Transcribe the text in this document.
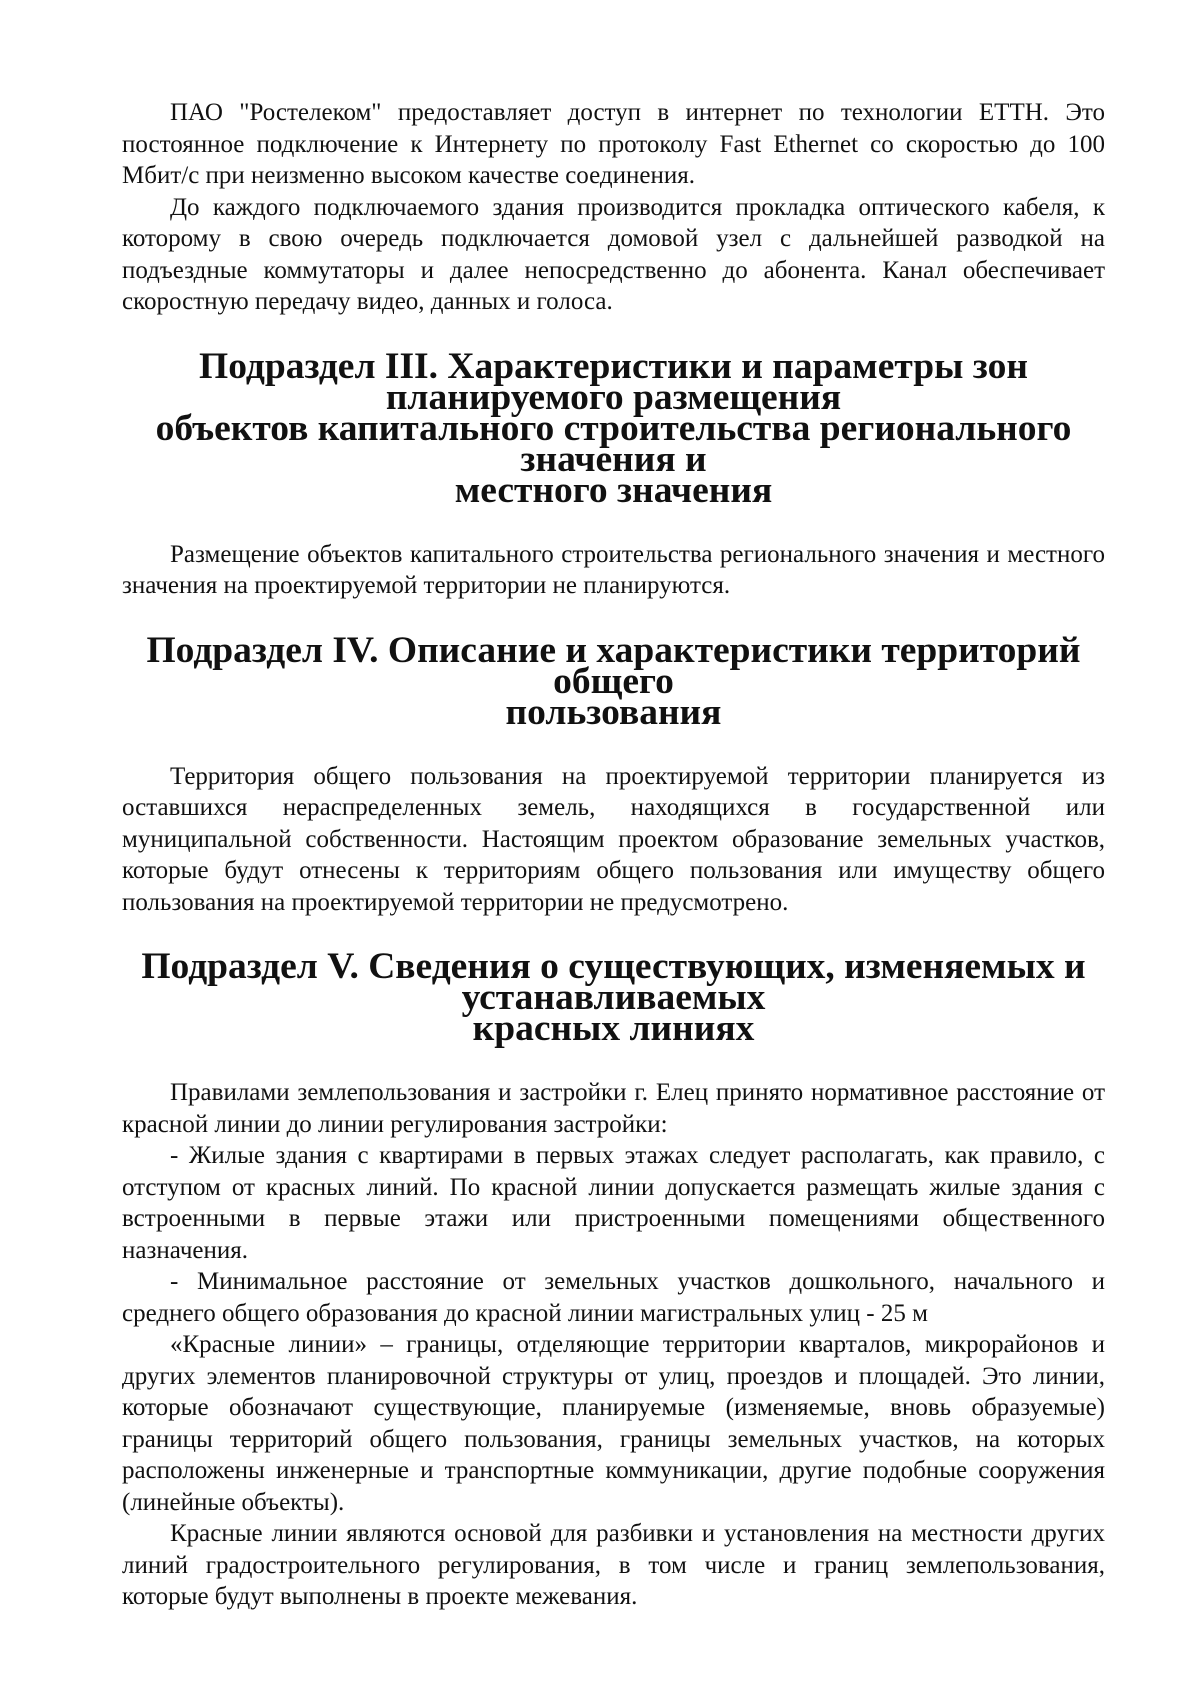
ПАО "Ростелеком" предоставляет доступ в интернет по технологии ETTH. Это постоянное подключение к Интернету по протоколу Fast Ethernet со скоростью до 100 Мбит/с при неизменно высоком качестве соединения.

До каждого подключаемого здания производится прокладка оптического кабеля, к которому в свою очередь подключается домовой узел с дальнейшей разводкой на подъездные коммутаторы и далее непосредственно до абонента. Канал обеспечивает скоростную передачу видео, данных и голоса.

Подраздел III. Характеристики и параметры зон планируемого размещения
объектов капитального строительства регионального значения и
местного значения

Размещение объектов капитального строительства регионального значения и местного значения на проектируемой территории не планируются.

Подраздел IV. Описание и характеристики территорий общего
пользования

Территория общего пользования на проектируемой территории планируется из оставшихся нераспределенных земель, находящихся в государственной или муниципальной собственности. Настоящим проектом образование земельных участков, которые будут отнесены к территориям общего пользования или имуществу общего пользования на проектируемой территории не предусмотрено.

Подраздел V. Сведения о существующих, изменяемых и устанавливаемых
красных линиях

Правилами землепользования и застройки г. Елец принято нормативное расстояние от красной линии до линии регулирования застройки:

- Жилые здания с квартирами в первых этажах следует располагать, как правило, с отступом от красных линий. По красной линии допускается размещать жилые здания с встроенными в первые этажи или пристроенными помещениями общественного назначения.

- Минимальное расстояние от земельных участков дошкольного, начального и среднего общего образования до красной линии магистральных улиц - 25 м

«Красные линии» – границы, отделяющие территории кварталов, микрорайонов и других элементов планировочной структуры от улиц, проездов и площадей. Это линии, которые обозначают существующие, планируемые (изменяемые, вновь образуемые) границы территорий общего пользования, границы земельных участков, на которых расположены инженерные и транспортные коммуникации, другие подобные сооружения (линейные объекты).

Красные линии являются основой для разбивки и установления на местности других линий градостроительного регулирования, в том числе и границ землепользования, которые будут выполнены в проекте межевания.
